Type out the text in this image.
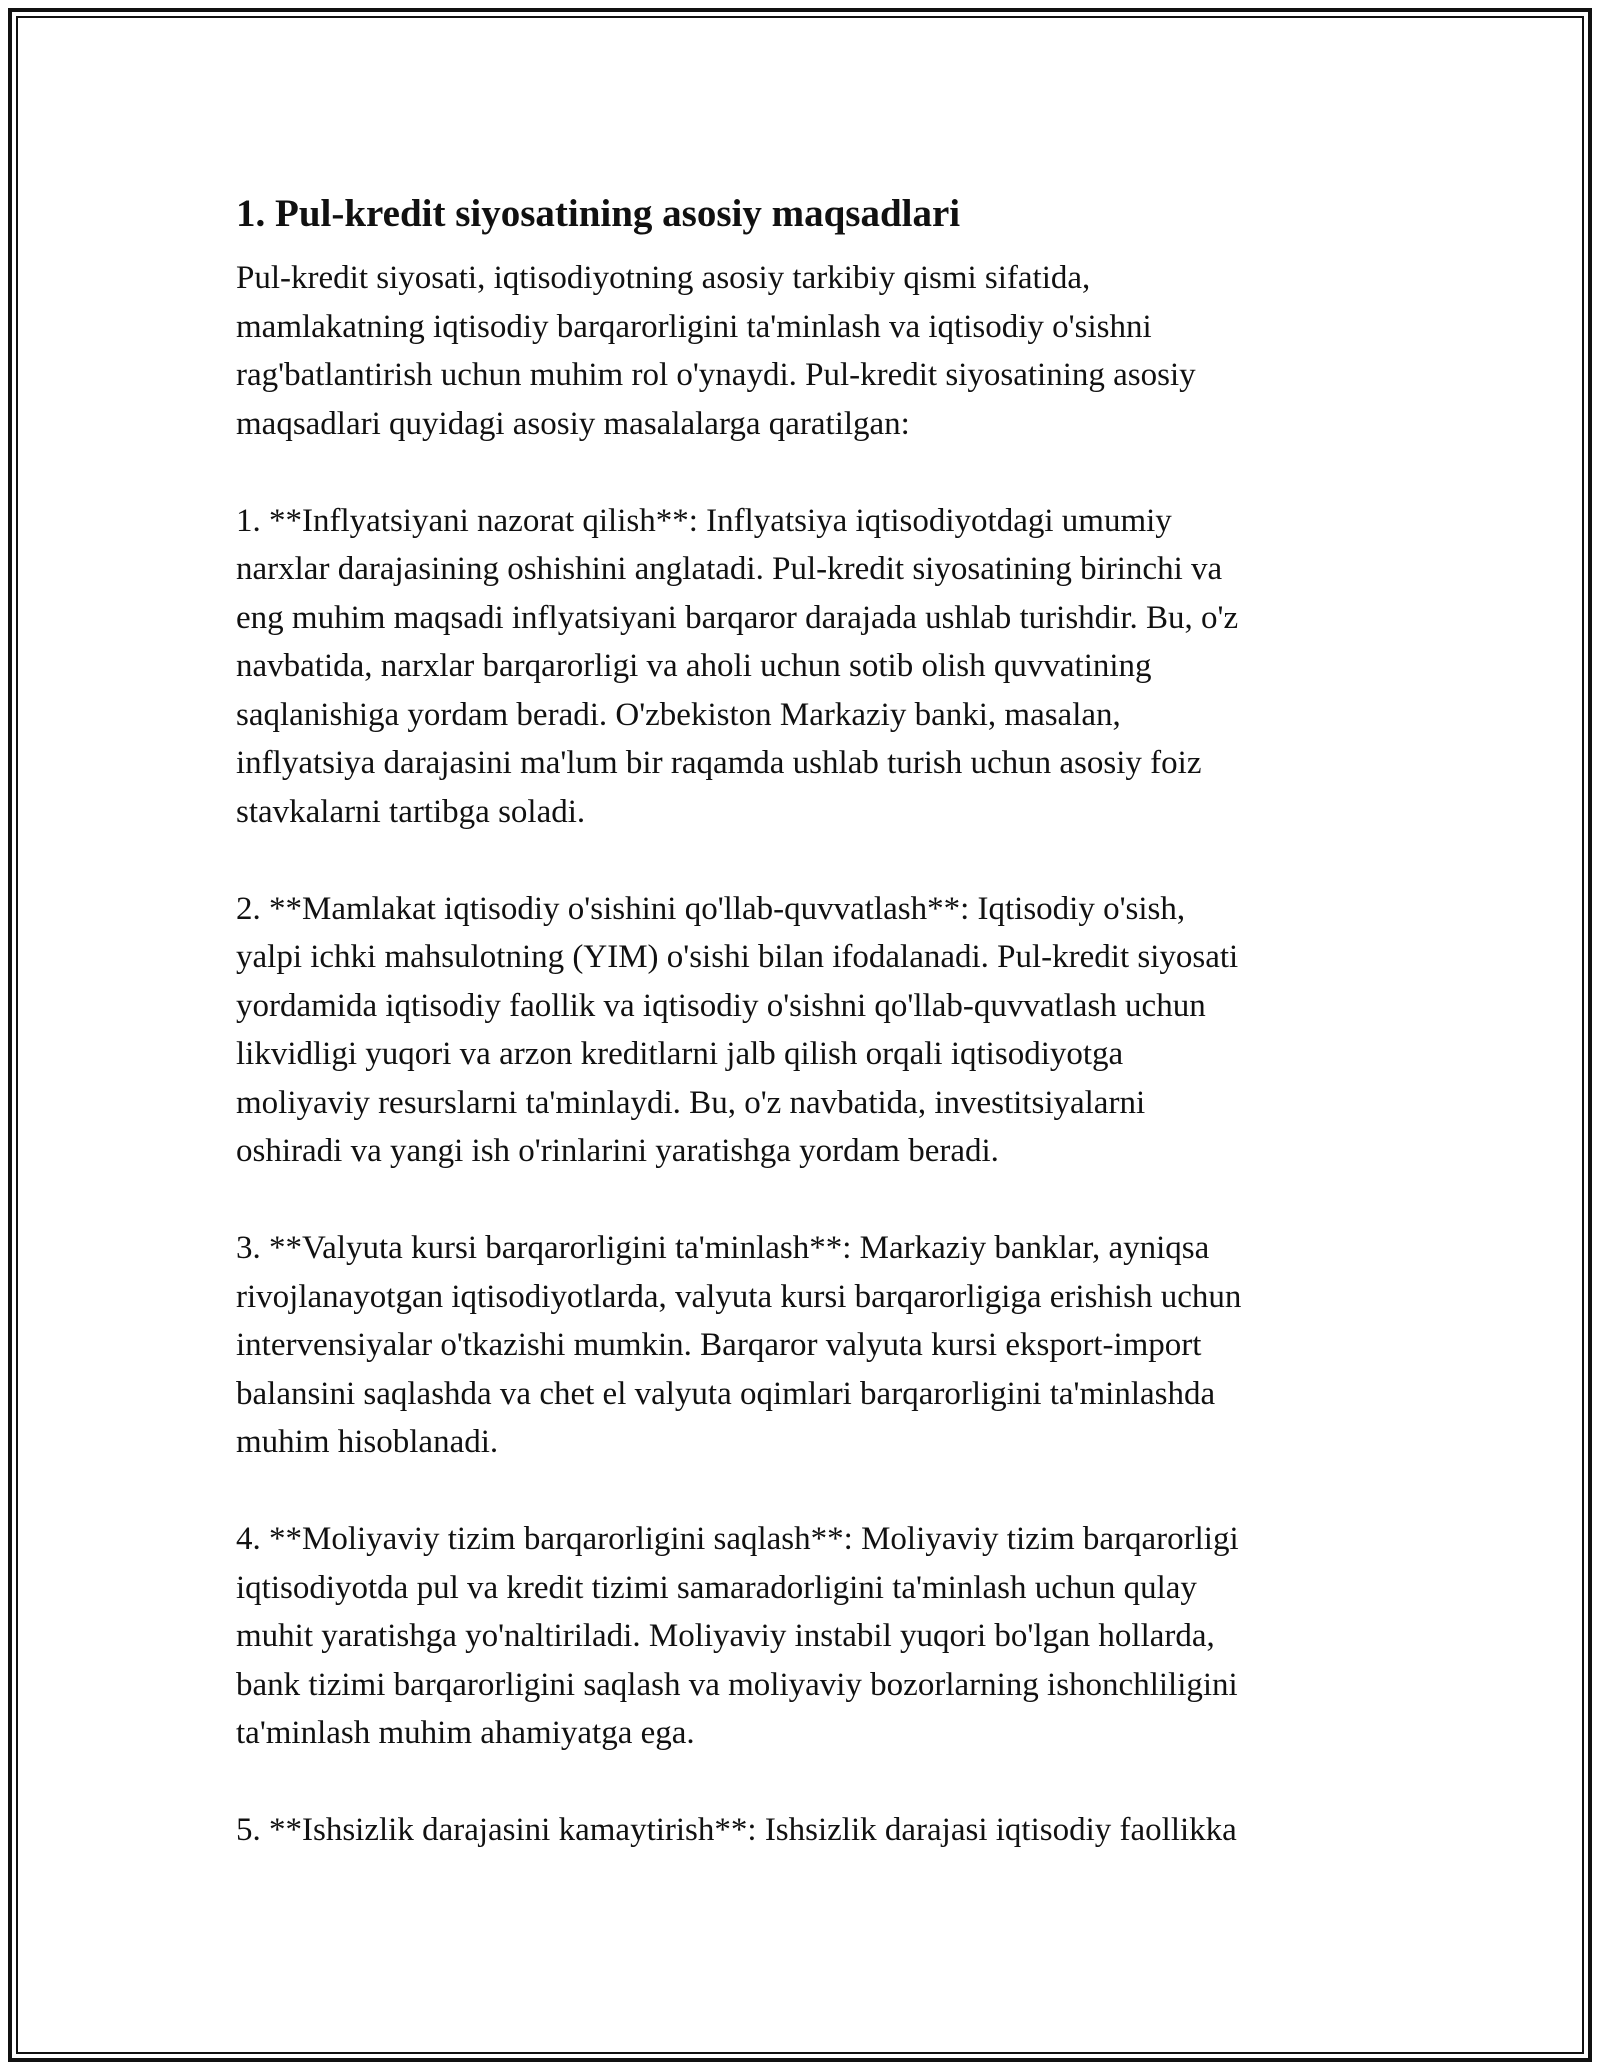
1. Pul-kredit siyosatining asosiy maqsadlari

Pul-kredit siyosati, iqtisodiyotning asosiy tarkibiy qismi sifatida,
mamlakatning iqtisodiy barqarorligini ta'minlash va iqtisodiy o'sishni
rag'batlantirish uchun muhim rol o'ynaydi. Pul-kredit siyosatining asosiy
maqsadlari quyidagi asosiy masalalarga qaratilgan:

1. **Inflyatsiyani nazorat qilish**: Inflyatsiya iqtisodiyotdagi umumiy
narxlar darajasining oshishini anglatadi. Pul-kredit siyosatining birinchi va
eng muhim maqsadi inflyatsiyani barqaror darajada ushlab turishdir. Bu, o'z
navbatida, narxlar barqarorligi va aholi uchun sotib olish quvvatining
saqlanishiga yordam beradi. O'zbekiston Markaziy banki, masalan,
inflyatsiya darajasini ma'lum bir raqamda ushlab turish uchun asosiy foiz
stavkalarni tartibga soladi.

2. **Mamlakat iqtisodiy o'sishini qo'llab-quvvatlash**: Iqtisodiy o'sish,
yalpi ichki mahsulotning (YIM) o'sishi bilan ifodalanadi. Pul-kredit siyosati
yordamida iqtisodiy faollik va iqtisodiy o'sishni qo'llab-quvvatlash uchun
likvidligi yuqori va arzon kreditlarni jalb qilish orqali iqtisodiyotga
moliyaviy resurslarni ta'minlaydi. Bu, o'z navbatida, investitsiyalarni
oshiradi va yangi ish o'rinlarini yaratishga yordam beradi.

3. **Valyuta kursi barqarorligini ta'minlash**: Markaziy banklar, ayniqsa
rivojlanayotgan iqtisodiyotlarda, valyuta kursi barqarorligiga erishish uchun
intervensiyalar o'tkazishi mumkin. Barqaror valyuta kursi eksport-import
balansini saqlashda va chet el valyuta oqimlari barqarorligini ta'minlashda
muhim hisoblanadi.

4. **Moliyaviy tizim barqarorligini saqlash**: Moliyaviy tizim barqarorligi
iqtisodiyotda pul va kredit tizimi samaradorligini ta'minlash uchun qulay
muhit yaratishga yo'naltiriladi. Moliyaviy instabil yuqori bo'lgan hollarda,
bank tizimi barqarorligini saqlash va moliyaviy bozorlarning ishonchliligini
ta'minlash muhim ahamiyatga ega.

5. **Ishsizlik darajasini kamaytirish**: Ishsizlik darajasi iqtisodiy faollikka
